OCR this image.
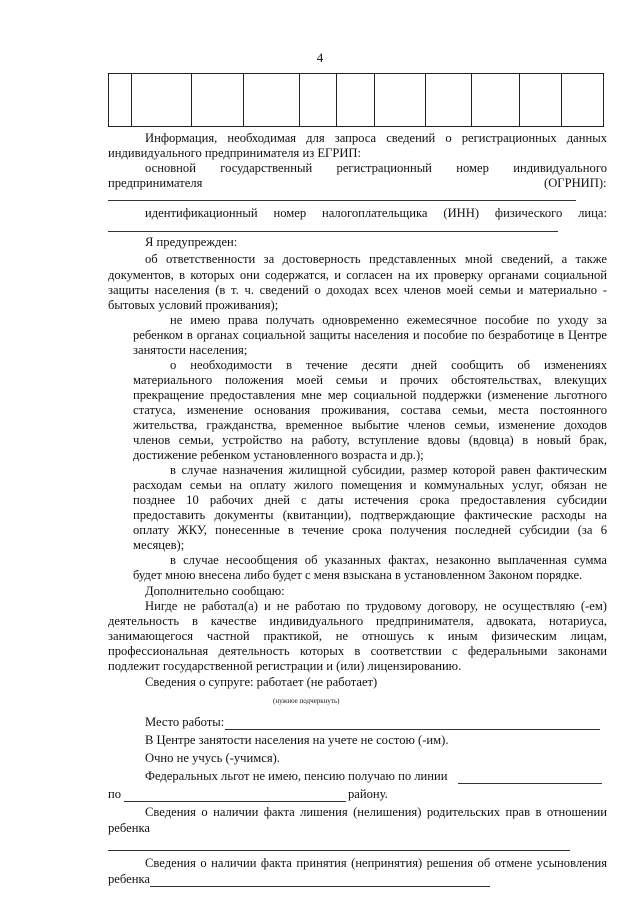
4

Информация, необходимая для запроса сведений о регистрационных данных
индивидуального предпринимателя из ЕГРИП:
основной государственный регистрационный номер индивидуального
предпринимателя	(ОГРНИП):
идентификационный номер налогоплательщика (ИНН) физического лица:
Я предупрежден:
об ответственности за достоверность представленных мной сведений, а также
документов, в которых они содержатся, и согласен на их проверку органами социальной
защиты населения (в т. ч. сведений о доходах всех членов моей семьи и материально -
бытовых условий проживания);
не имею права получать одновременно ежемесячное пособие по уходу за
ребенком в органах социальной защиты населения и пособие по безработице в Центре
занятости населения;
о необходимости в течение десяти дней сообщить об изменениях
материального положения моей семьи и прочих обстоятельствах, влекущих
прекращение предоставления мне мер социальной поддержки (изменение льготного
статуса, изменение основания проживания, состава семьи, места постоянного
жительства, гражданства, временное выбытие членов семьи, изменение доходов
членов семьи, устройство на работу, вступление вдовы (вдовца) в новый брак,
достижение ребенком установленного возраста и др.);
в случае назначения жилищной субсидии, размер которой равен фактическим
расходам семьи на оплату жилого помещения и коммунальных услуг, обязан не
позднее 10 рабочих дней с даты истечения срока предоставления субсидии
предоставить документы (квитанции), подтверждающие фактические расходы на
оплату ЖКУ, понесенные в течение срока получения последней субсидии (за 6
месяцев);
в случае несообщения об указанных фактах, незаконно выплаченная сумма
будет мною внесена либо будет с меня взыскана в установленном Законом порядке.
Дополнительно сообщаю:
Нигде не работал(а) и не работаю по трудовому договору, не осуществляю (-ем)
деятельность в качестве индивидуального предпринимателя, адвоката, нотариуса,
занимающегося частной практикой, не отношусь к иным физическим лицам,
профессиональная деятельность которых в соответствии с федеральными законами
подлежит государственной регистрации и (или) лицензированию.
Сведения о супруге: работает (не работает)
(нужное подчеркнуть)
Место работы:
В Центре занятости населения на учете не состою (-им).
Очно не учусь (-учимся).
Федеральных льгот не имею, пенсию получаю по линии
по	району.
Сведения о наличии факта лишения (нелишения) родительских прав в отношении
ребенка
Сведения о наличии факта принятия (непринятия) решения об отмене усыновления
ребенка
